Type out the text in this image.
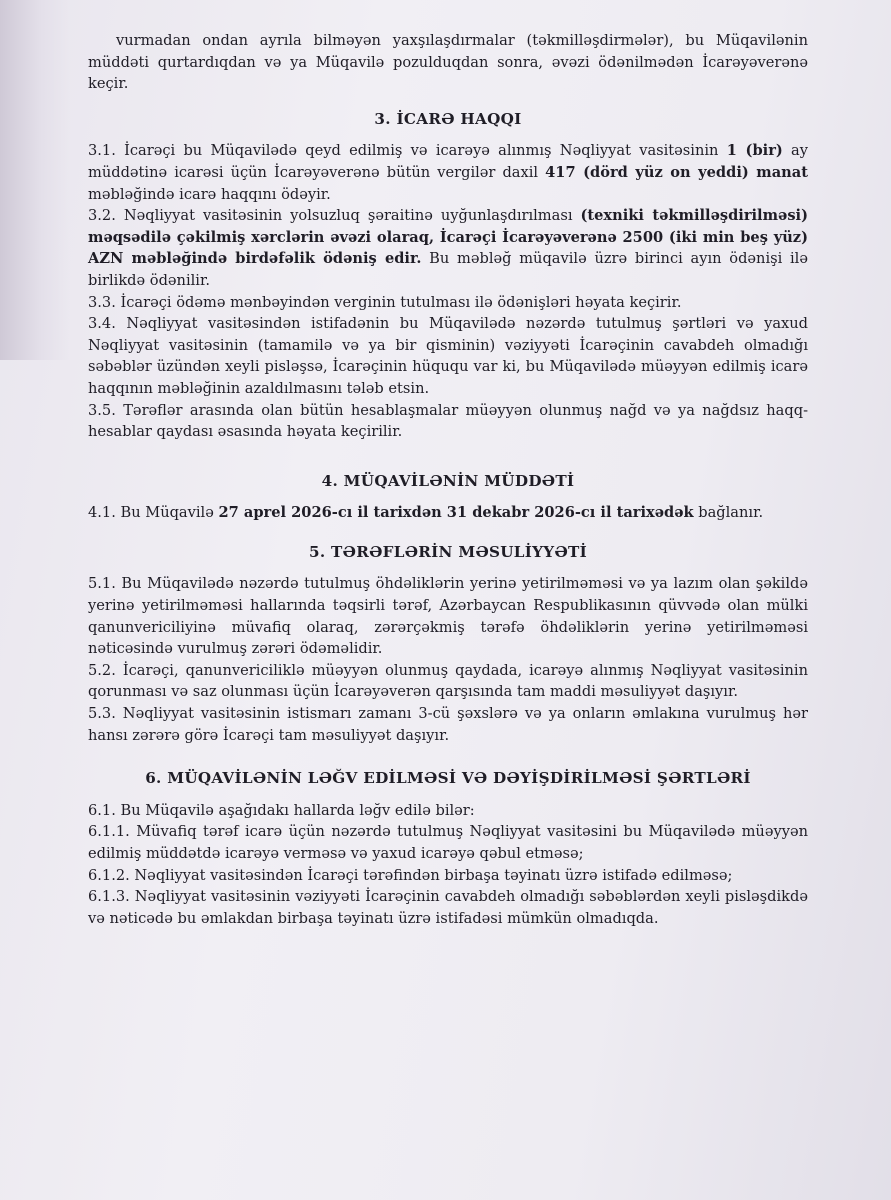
vurmadan ondan ayrıla bilməyən yaxşılaşdırmalar (təkmilləşdirmələr), bu Müqavilənin müddəti qurtardıqdan və ya Müqavilə pozulduqdan sonra, əvəzi ödənilmədən İcarəyəverənə keçir.

3. İCARƏ HAQQI

3.1. İcarəçi bu Müqavilədə qeyd edilmiş və icarəyə alınmış Nəqliyyat vasitəsinin 1 (bir) ay müddətinə icarəsi üçün İcarəyəverənə bütün vergilər daxil 417 (dörd yüz on yeddi) manat məbləğində icarə haqqını ödəyir.

3.2. Nəqliyyat vasitəsinin yolsuzluq şəraitinə uyğunlaşdırılması (texniki təkmilləşdirilməsi) məqsədilə çəkilmiş xərclərin əvəzi olaraq, İcarəçi İcarəyəverənə 2500 (iki min beş yüz) AZN məbləğində birdəfəlik ödəniş edir. Bu məbləğ müqavilə üzrə birinci ayın ödənişi ilə birlikdə ödənilir.

3.3. İcarəçi ödəmə mənbəyindən verginin tutulması ilə ödənişləri həyata keçirir.

3.4. Nəqliyyat vasitəsindən istifadənin bu Müqavilədə nəzərdə tutulmuş şərtləri və yaxud Nəqliyyat vasitəsinin (tamamilə və ya bir qisminin) vəziyyəti İcarəçinin cavabdeh olmadığı səbəblər üzündən xeyli pisləşsə, İcarəçinin hüququ var ki, bu Müqavilədə müəyyən edilmiş icarə haqqının məbləğinin azaldılmasını tələb etsin.

3.5. Tərəflər arasında olan bütün hesablaşmalar müəyyən olunmuş nağd və ya nağdsız haqq-hesablar qaydası əsasında həyata keçirilir.

4. MÜQAVİLƏNİN MÜDDƏTİ

4.1. Bu Müqavilə 27 aprel 2026-cı il tarixdən 31 dekabr 2026-cı il tarixədək bağlanır.

5. TƏRƏFLƏRİN MƏSULİYYƏTİ

5.1. Bu Müqavilədə nəzərdə tutulmuş öhdəliklərin yerinə yetirilməməsi və ya lazım olan şəkildə yerinə yetirilməməsi hallarında təqsirli tərəf, Azərbaycan Respublikasının qüvvədə olan mülki qanunvericiliyinə müvafiq olaraq, zərərçəkmiş tərəfə öhdəliklərin yerinə yetirilməməsi nəticəsində vurulmuş zərəri ödəməlidir.

5.2. İcarəçi, qanunvericiliklə müəyyən olunmuş qaydada, icarəyə alınmış Nəqliyyat vasitəsinin qorunması və saz olunması üçün İcarəyəverən qarşısında tam maddi məsuliyyət daşıyır.

5.3. Nəqliyyat vasitəsinin istismarı zamanı 3-cü şəxslərə və ya onların əmlakına vurulmuş hər hansı zərərə görə İcarəçi tam məsuliyyət daşıyır.

6. MÜQAVİLƏNİN LƏĞV EDİLMƏSİ VƏ DƏYİŞDİRİLMƏSİ ŞƏRTLƏRİ

6.1. Bu Müqavilə aşağıdakı hallarda ləğv edilə bilər:

6.1.1. Müvafiq tərəf icarə üçün nəzərdə tutulmuş Nəqliyyat vasitəsini bu Müqavilədə müəyyən edilmiş müddətdə icarəyə verməsə və yaxud icarəyə qəbul etməsə;

6.1.2. Nəqliyyat vasitəsindən İcarəçi tərəfindən birbaşa təyinatı üzrə istifadə edilməsə;

6.1.3. Nəqliyyat vasitəsinin vəziyyəti İcarəçinin cavabdeh olmadığı səbəblərdən xeyli pisləşdikdə və nəticədə bu əmlakdan birbaşa təyinatı üzrə istifadəsi mümkün olmadıqda.
